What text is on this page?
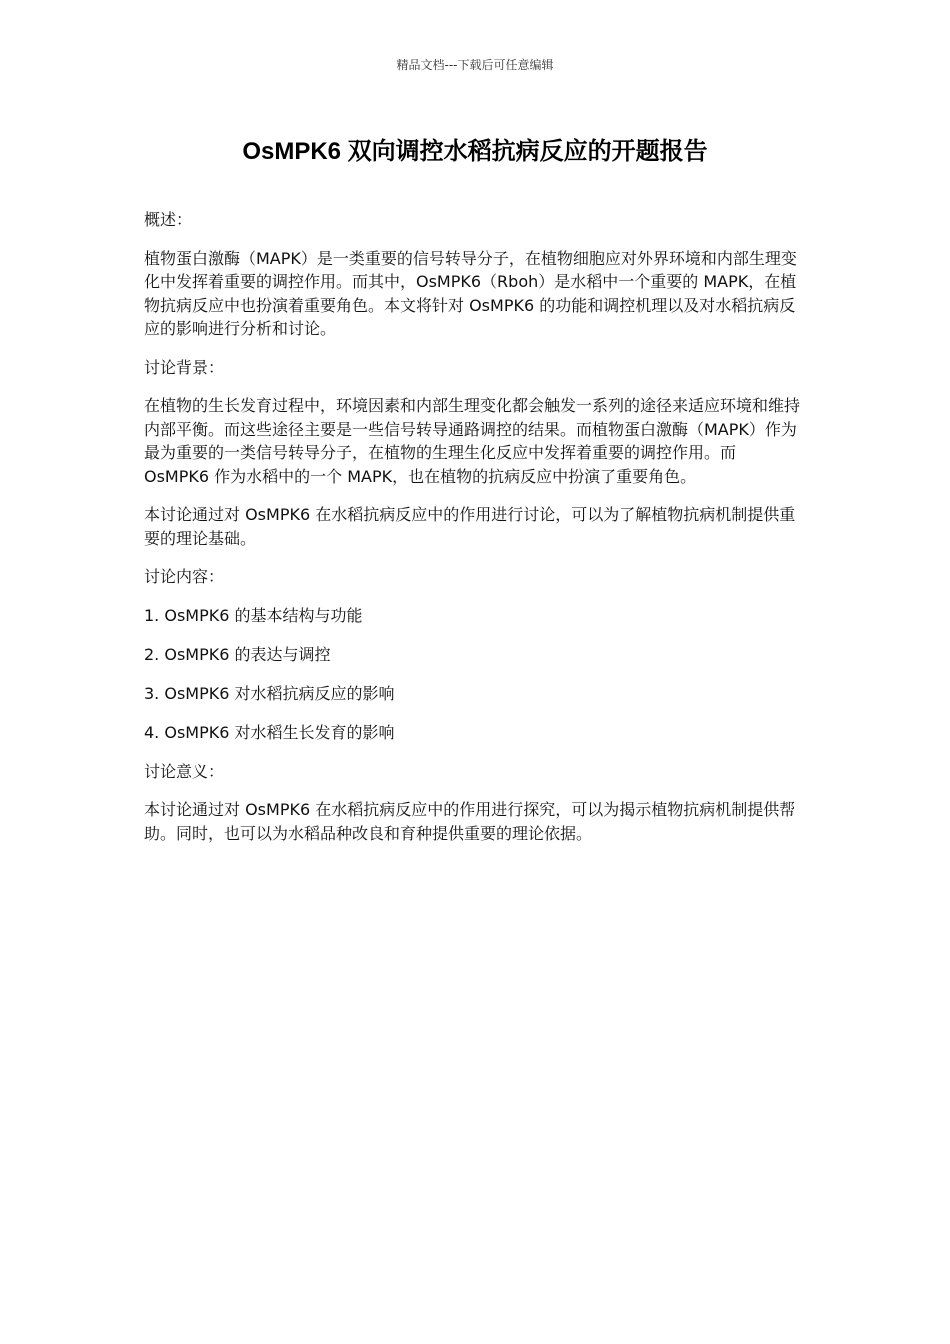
精品文档---下载后可任意编辑
OsMPK6 双向调控水稻抗病反应的开题报告

概述：

植物蛋白激酶（MAPK）是一类重要的信号转导分子，在植物细胞应对外界环境和内部生理变化中发挥着重要的调控作用。而其中，OsMPK6（Rboh）是水稻中一个重要的 MAPK，在植物抗病反应中也扮演着重要角色。本文将针对 OsMPK6 的功能和调控机理以及对水稻抗病反应的影响进行分析和讨论。

讨论背景：

在植物的生长发育过程中，环境因素和内部生理变化都会触发一系列的途径来适应环境和维持内部平衡。而这些途径主要是一些信号转导通路调控的结果。而植物蛋白激酶（MAPK）作为最为重要的一类信号转导分子，在植物的生理生化反应中发挥着重要的调控作用。而 OsMPK6 作为水稻中的一个 MAPK，也在植物的抗病反应中扮演了重要角色。

本讨论通过对 OsMPK6 在水稻抗病反应中的作用进行讨论，可以为了解植物抗病机制提供重要的理论基础。

讨论内容：

1. OsMPK6 的基本结构与功能
2. OsMPK6 的表达与调控
3. OsMPK6 对水稻抗病反应的影响
4. OsMPK6 对水稻生长发育的影响

讨论意义：

本讨论通过对 OsMPK6 在水稻抗病反应中的作用进行探究，可以为揭示植物抗病机制提供帮助。同时，也可以为水稻品种改良和育种提供重要的理论依据。
